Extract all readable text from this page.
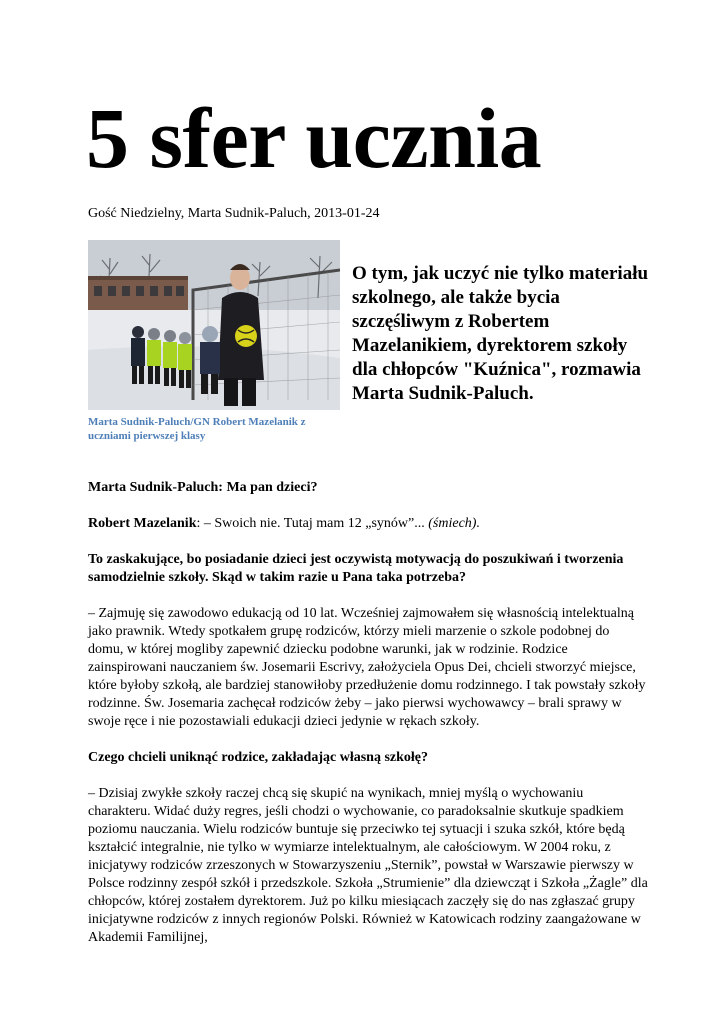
5 sfer ucznia
Gość Niedzielny, Marta Sudnik-Paluch, 2013-01-24
Marta Sudnik-Paluch/GN Robert Mazelanik z uczniami pierwszej klasy
O tym, jak uczyć nie tylko materiału szkolnego, ale także bycia szczęśliwym z Robertem Mazelanikiem, dyrektorem szkoły dla chłopców "Kuźnica", rozmawia Marta Sudnik-Paluch.

Marta Sudnik-Paluch: Ma pan dzieci?

Robert Mazelanik: – Swoich nie. Tutaj mam 12 „synów”... (śmiech).

To zaskakujące, bo posiadanie dzieci jest oczywistą motywacją do poszukiwań i tworzenia samodzielnie szkoły. Skąd w takim razie u Pana taka potrzeba?

– Zajmuję się zawodowo edukacją od 10 lat. Wcześniej zajmowałem się własnością intelektualną jako prawnik. Wtedy spotkałem grupę rodziców, którzy mieli marzenie o szkole podobnej do domu, w której mogliby zapewnić dziecku podobne warunki, jak w rodzinie. Rodzice zainspirowani nauczaniem św. Josemarii Escrivy, założyciela Opus Dei, chcieli stworzyć miejsce, które byłoby szkołą, ale bardziej stanowiłoby przedłużenie domu rodzinnego. I tak powstały szkoły rodzinne. Św. Josemaria zachęcał rodziców żeby – jako pierwsi wychowawcy – brali sprawy w swoje ręce i nie pozostawiali edukacji dzieci jedynie w rękach szkoły.

Czego chcieli uniknąć rodzice, zakładając własną szkołę?

– Dzisiaj zwykłe szkoły raczej chcą się skupić na wynikach, mniej myślą o wychowaniu charakteru. Widać duży regres, jeśli chodzi o wychowanie, co paradoksalnie skutkuje spadkiem poziomu nauczania. Wielu rodziców buntuje się przeciwko tej sytuacji i szuka szkół, które będą kształcić integralnie, nie tylko w wymiarze intelektualnym, ale całościowym. W 2004 roku, z inicjatywy rodziców zrzeszonych w Stowarzyszeniu „Sternik”, powstał w Warszawie pierwszy w Polsce rodzinny zespół szkół i przedszkole. Szkoła „Strumienie” dla dziewcząt i Szkoła „Żagle” dla chłopców, której zostałem dyrektorem. Już po kilku miesiącach zaczęły się do nas zgłaszać grupy inicjatywne rodziców z innych regionów Polski. Również w Katowicach rodziny zaangażowane w Akademii Familijnej,
